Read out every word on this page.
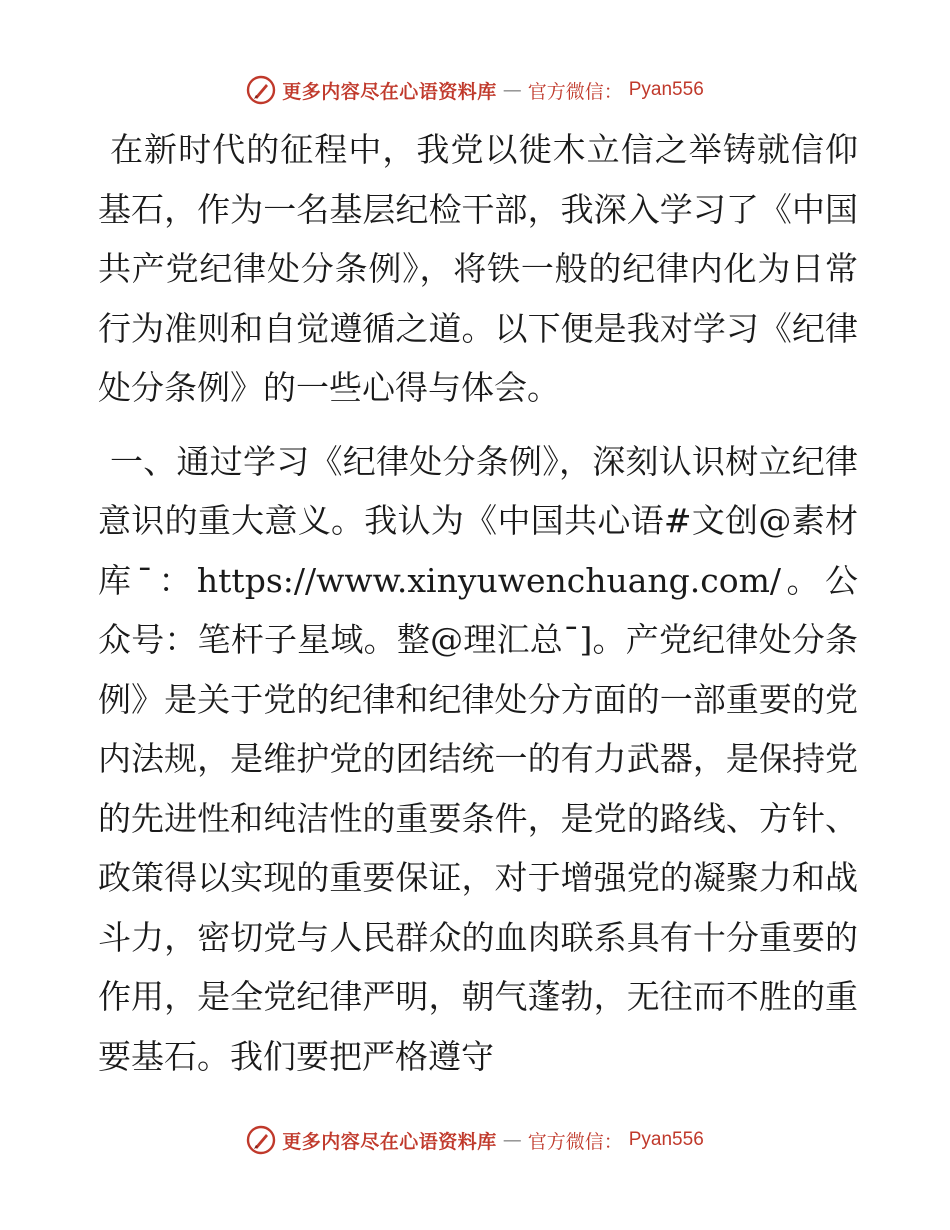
更多内容尽在心语资料库 — 官方微信： Pyan556

在新时代的征程中，我党以徙木立信之举铸就信仰基石，作为一名基层纪检干部，我深入学习了《中国共产党纪律处分条例》，将铁一般的纪律内化为日常行为准则和自觉遵循之道。以下便是我对学习《纪律处分条例》的一些心得与体会。

一、通过学习《纪律处分条例》，深刻认识树立纪律意识的重大意义。我认为《中国共心语#文创@素材库¯：https://www.xinyuwenchuang.com/。公众号：笔杆子星域。整@理汇总¯]。产党纪律处分条例》是关于党的纪律和纪律处分方面的一部重要的党内法规，是维护党的团结统一的有力武器，是保持党的先进性和纯洁性的重要条件，是党的路线、方针、政策得以实现的重要保证，对于增强党的凝聚力和战斗力，密切党与人民群众的血肉联系具有十分重要的作用，是全党纪律严明，朝气蓬勃，无往而不胜的重要基石。我们要把严格遵守

更多内容尽在心语资料库 — 官方微信： Pyan556
